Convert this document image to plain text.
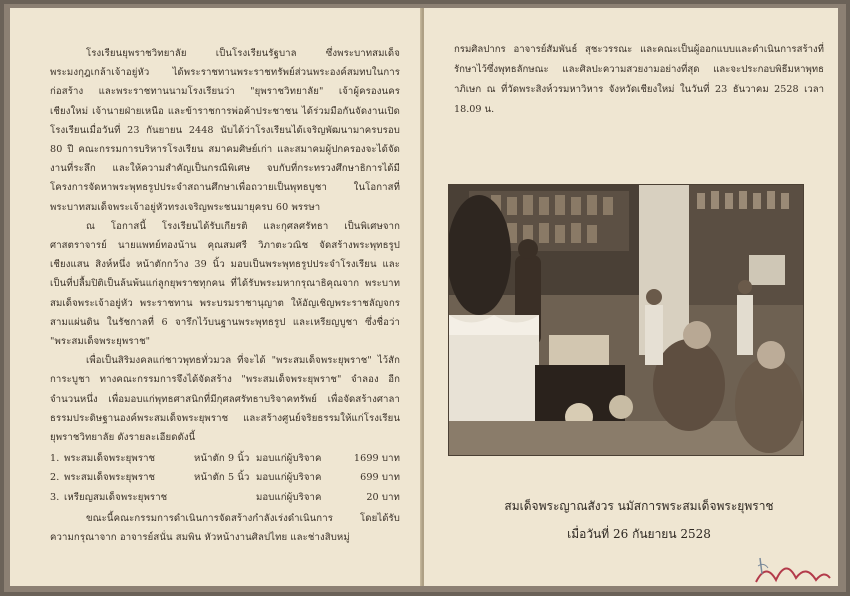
โรงเรียนยุพราชวิทยาลัย เป็นโรงเรียนรัฐบาล ซึ่งพระบาทสมเด็จพระมงกุฎเกล้าเจ้าอยู่หัว ได้พระราชทานพระราชทรัพย์ส่วนพระองค์สมทบในการก่อสร้าง และพระราชทานนามโรงเรียนว่า "ยุพราชวิทยาลัย" เจ้าผู้ครองนครเชียงใหม่ เจ้านายฝ่ายเหนือ และข้าราชการพ่อค้าประชาชน ได้ร่วมมือกันจัดงานเปิดโรงเรียนเมื่อวันที่ 23 กันยายน 2448 นับได้ว่าโรงเรียนได้เจริญพัฒนามาครบรอบ 80 ปี คณะกรรมการบริหารโรงเรียน สมาคมศิษย์เก่า และสมาคมผู้ปกครองจะได้จัดงานที่ระลึก และให้ความสำคัญเป็นกรณีพิเศษ จบกับที่กระทรวงศึกษาธิการได้มีโครงการจัดหาพระพุทธรูปประจำสถานศึกษาเพื่อถวายเป็นพุทธบูชา ในโอกาสที่พระบาทสมเด็จพระเจ้าอยู่หัวทรงเจริญพระชนมายุครบ 60 พรรษา

ณ โอกาสนี้ โรงเรียนได้รับเกียรติ และกุศลศรัทธา เป็นพิเศษจากศาสตราจารย์ นายแพทย์ทองน้าน คุณสมศรี วิภาตะวณิช จัดสร้างพระพุทธรูปเชียงแสน สิงห์หนึ่ง หน้าตักกว้าง 39 นิ้ว มอบเป็นพระพุทธรูปประจำโรงเรียน และเป็นที่ปลื้มปิติเป็นล้นพ้นแก่ลูกยุพราชทุกคน ที่ได้รับพระมหากรุณาธิคุณจาก พระบาทสมเด็จพระเจ้าอยู่หัว พระราชทาน พระบรมราชานุญาต ให้อัญเชิญพระราชลัญจกรสามแผ่นดิน ในรัชกาลที่ 6 จารึกไว้บนฐานพระพุทธรูป และเหรียญบูชา ซึ่งชื่อว่า "พระสมเด็จพระยุพราช"

เพื่อเป็นสิริมงคลแก่ชาวพุทธทั่วมวล ที่จะได้ "พระสมเด็จพระยุพราช" ไว้สักการะบูชา ทางคณะกรรมการจึงได้จัดสร้าง "พระสมเด็จพระยุพราช" จำลอง อีกจำนวนหนึ่ง เพื่อมอบแก่พุทธศาสนิกที่มีกุศลศรัทธาบริจาคทรัพย์ เพื่อจัดสร้างศาลาธรรมประดิษฐานองค์พระสมเด็จพระยุพราช และสร้างศูนย์จริยธรรมให้แก่โรงเรียนยุพราชวิทยาลัย ดังรายละเอียดดังนี้

1. พระสมเด็จพระยุพราช	หน้าตัก 9 นิ้ว มอบแก่ผู้บริจาค	1699 บาท
2. พระสมเด็จพระยุพราช	หน้าตัก 5 นิ้ว มอบแก่ผู้บริจาค	699 บาท
3. เหรียญสมเด็จพระยุพราช	มอบแก่ผู้บริจาค	20 บาท

ขณะนี้คณะกรรมการดำเนินการจัดสร้างกำลังเร่งดำเนินการ โดยได้รับความกรุณาจาก อาจารย์สนั่น สมพิน หัวหน้างานศิลปไทย และช่างสิบหมู่

กรมศิลปากร อาจารย์สัมพันธ์ สุชะวรรณะ และคณะเป็นผู้ออกแบบและดำเนินการสร้างที่รักษาไว้ซึ่งพุทธลักษณะ และศิลปะความสวยงามอย่างที่สุด และจะประกอบพิธีมหาพุทธาภิเษก ณ ที่วัดพระสิงห์วรมหาวิหาร จังหวัดเชียงใหม่ ในวันที่ 23 ธันวาคม 2528 เวลา 18.09 น.

สมเด็จพระญาณสังวร นมัสการพระสมเด็จพระยุพราช
เมื่อวันที่ 26 กันยายน 2528
